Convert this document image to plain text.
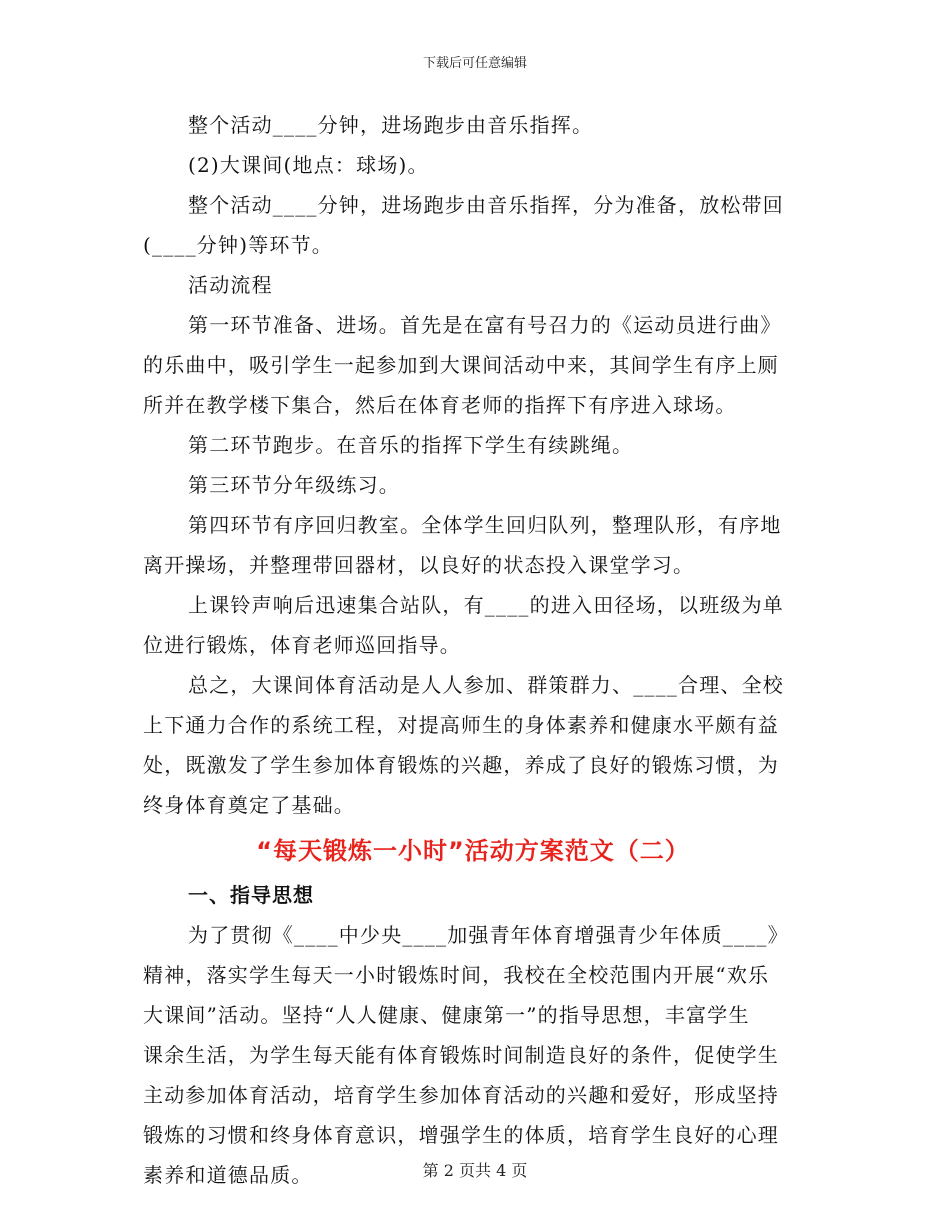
下载后可任意编辑
整个活动____分钟，进场跑步由音乐指挥。
(2)大课间(地点：球场)。
整个活动____分钟，进场跑步由音乐指挥，分为准备，放松带回
(____分钟)等环节。
活动流程
第一环节准备、进场。首先是在富有号召力的《运动员进行曲》
的乐曲中，吸引学生一起参加到大课间活动中来，其间学生有序上厕
所并在教学楼下集合，然后在体育老师的指挥下有序进入球场。
第二环节跑步。在音乐的指挥下学生有续跳绳。
第三环节分年级练习。
第四环节有序回归教室。全体学生回归队列，整理队形，有序地
离开操场，并整理带回器材，以良好的状态投入课堂学习。
上课铃声响后迅速集合站队，有____的进入田径场，以班级为单
位进行锻炼，体育老师巡回指导。
总之，大课间体育活动是人人参加、群策群力、____合理、全校
上下通力合作的系统工程，对提高师生的身体素养和健康水平颇有益
处，既激发了学生参加体育锻炼的兴趣，养成了良好的锻炼习惯，为
终身体育奠定了基础。
“每天锻炼一小时”活动方案范文（二）
一、指导思想
为了贯彻《____中少央____加强青年体育增强青少年体质____》
精神，落实学生每天一小时锻炼时间，我校在全校范围内开展“欢乐
大课间”活动。坚持“人人健康、健康第一”的指导思想，丰富学生
课余生活，为学生每天能有体育锻炼时间制造良好的条件，促使学生
主动参加体育活动，培育学生参加体育活动的兴趣和爱好，形成坚持
锻炼的习惯和终身体育意识，增强学生的体质，培育学生良好的心理
素养和道德品质。	第 2 页共 4 页
